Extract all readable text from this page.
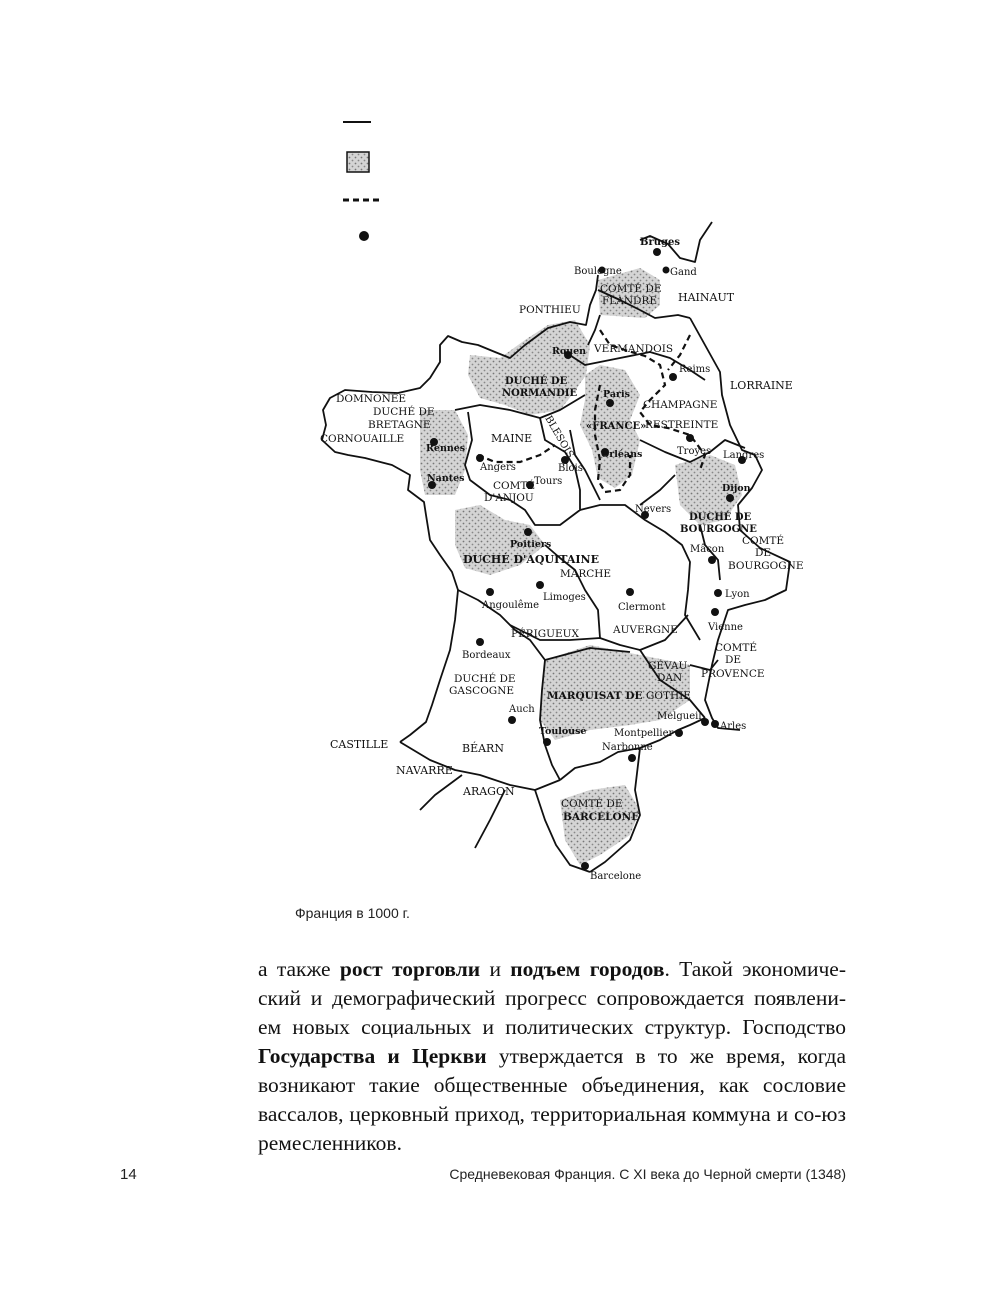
Bruges
Boulogne	Gand
COMTÉ DE
FLANDRE HAINAUT
PONTHIEU
Rouen VERMANDOIS
Reims
DUCHÉ DE
NORMANDIE
LORRAINE
DOMNONÉE
DUCHÉ DE
BRETAGNE
Paris
CHAMPAGNE
CORNOUAILLE
Rennes
MAINE BLESOIS «FRANCE»
RESTREINTE
Troyes Langres
Angers	Blois
Orléans
Nantes	Tours
COMTÉ
D'ANJOU
Dijon
Nevers
DUCHÉ DE
BOURGOGNE
COMTÉ
DE
BOURGOGNE
Poitiers
DUCHÉ D'AQUITAINE
Mâcon
MARCHE
Lyon
Limoges
Angoulême	Clermont
Vienne
PÉRIGUEUX	AUVERGNE
COMTÉ
DE
PROVENCE
Bordeaux
GÉVAU-
DAN
DUCHÉ DE
GASCOGNE	MARQUISAT DE GOTHIE
Auch
Melgueil
Arles
Toulouse	Montpellier
CASTILLE	BÉARN	Narbonne
NAVARRE
ARAGON
COMTÉ DE
BARCELONE
Barcelone
Франция в 1000 г.
а также рост торговли и подъем городов. Такой экономиче-ский и демографический прогресс сопровождается появлени-ем новых социальных и политических структур. Господство Государства и Церкви утверждается в то же время, когда возникают такие общественные объединения, как сословие вассалов, церковный приход, территориальная коммуна и со-юз ремесленников.
14	Средневековая Франция. С XI века до Черной смерти (1348)
